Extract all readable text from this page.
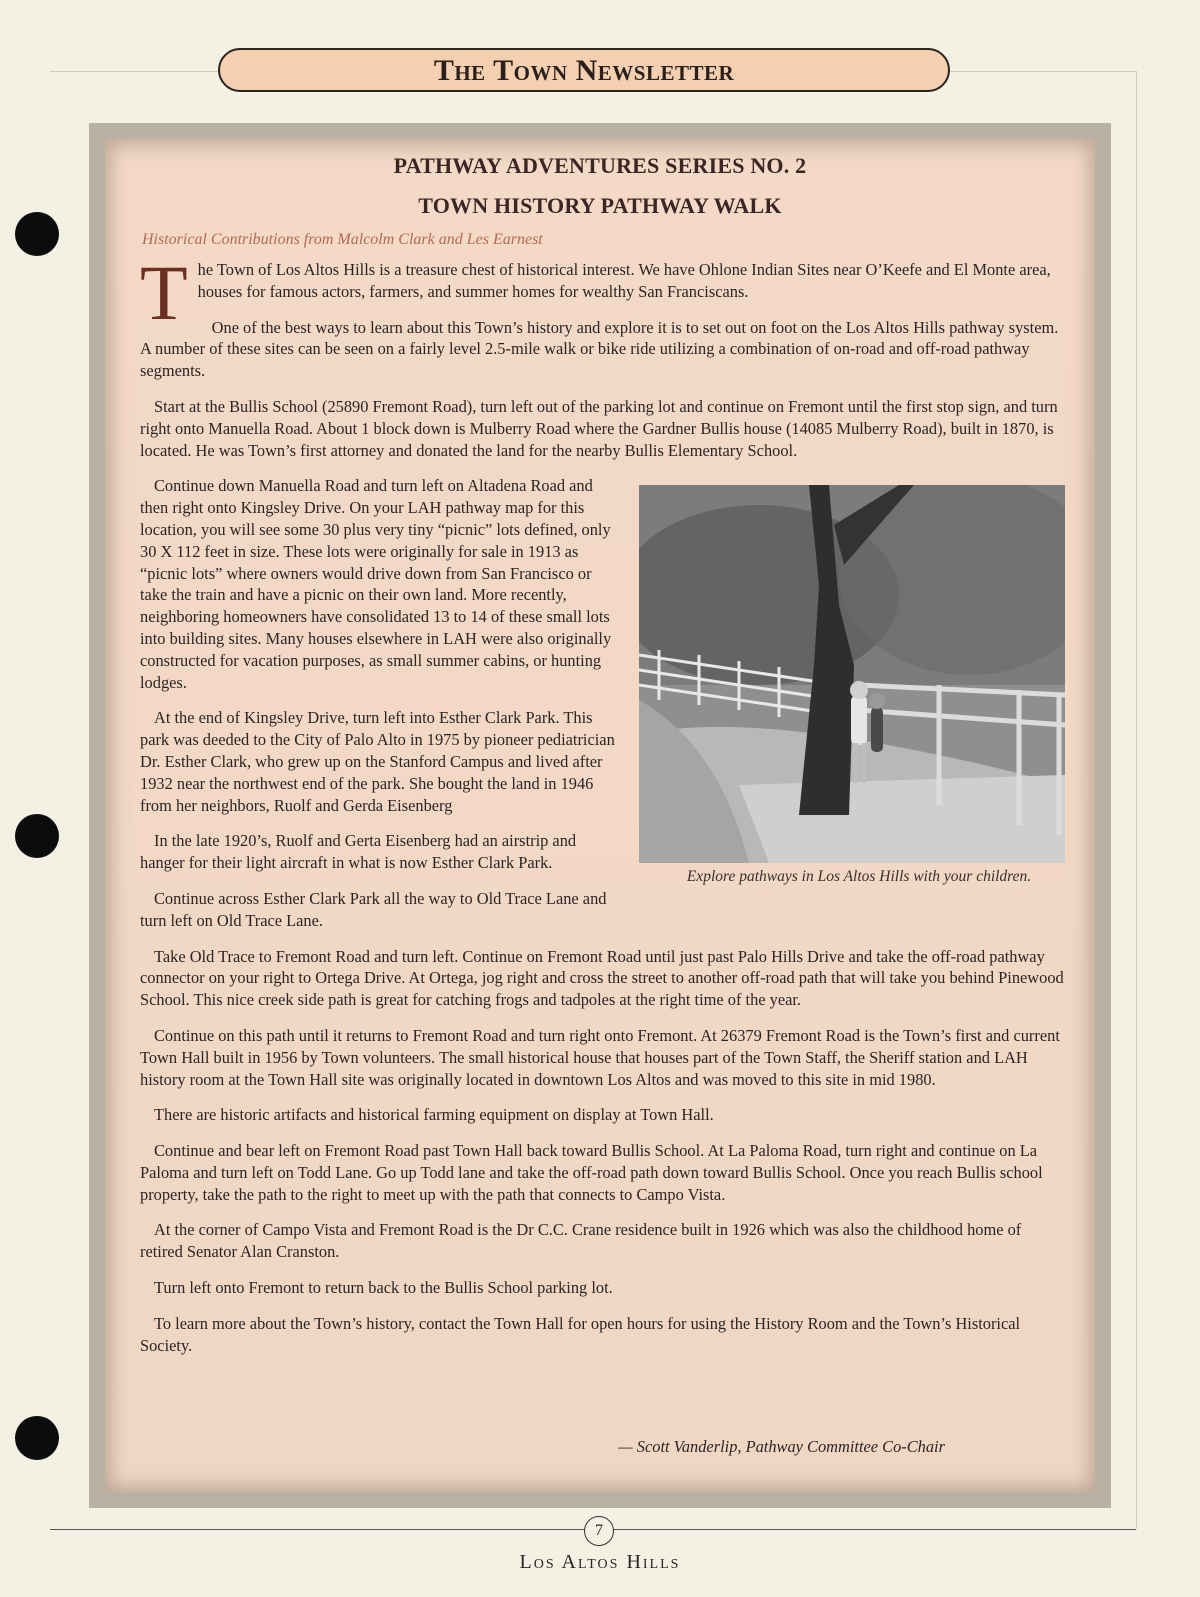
The Town Newsletter
PATHWAY ADVENTURES SERIES NO. 2
TOWN HISTORY PATHWAY WALK
Historical Contributions from Malcolm Clark and Les Earnest

The Town of Los Altos Hills is a treasure chest of historical interest. We have Ohlone Indian Sites near O’Keefe and El Monte area, houses for famous actors, farmers, and summer homes for wealthy San Franciscans.

One of the best ways to learn about this Town’s history and explore it is to set out on foot on the Los Altos Hills pathway system. A number of these sites can be seen on a fairly level 2.5-mile walk or bike ride utilizing a combination of on-road and off-road pathway segments.

Start at the Bullis School (25890 Fremont Road), turn left out of the parking lot and continue on Fremont until the first stop sign, and turn right onto Manuella Road. About 1 block down is Mulberry Road where the Gardner Bullis house (14085 Mulberry Road), built in 1870, is located. He was Town’s first attorney and donated the land for the nearby Bullis Elementary School.

Explore pathways in Los Altos Hills with your children.
Continue down Manuella Road and turn left on Altadena Road and then right onto Kingsley Drive. On your LAH pathway map for this location, you will see some 30 plus very tiny “picnic” lots defined, only 30 X 112 feet in size. These lots were originally for sale in 1913 as “picnic lots” where owners would drive down from San Francisco or take the train and have a picnic on their own land. More recently, neighboring homeowners have consolidated 13 to 14 of these small lots into building sites. Many houses elsewhere in LAH were also originally constructed for vacation purposes, as small summer cabins, or hunting lodges.

At the end of Kingsley Drive, turn left into Esther Clark Park. This park was deeded to the City of Palo Alto in 1975 by pioneer pediatrician Dr. Esther Clark, who grew up on the Stanford Campus and lived after 1932 near the northwest end of the park. She bought the land in 1946 from her neighbors, Ruolf and Gerda Eisenberg

In the late 1920’s, Ruolf and Gerta Eisenberg had an airstrip and hanger for their light aircraft in what is now Esther Clark Park.

Continue across Esther Clark Park all the way to Old Trace Lane and turn left on Old Trace Lane.

Take Old Trace to Fremont Road and turn left. Continue on Fremont Road until just past Palo Hills Drive and take the off-road pathway connector on your right to Ortega Drive. At Ortega, jog right and cross the street to another off-road path that will take you behind Pinewood School. This nice creek side path is great for catching frogs and tadpoles at the right time of the year.

Continue on this path until it returns to Fremont Road and turn right onto Fremont. At 26379 Fremont Road is the Town’s first and current Town Hall built in 1956 by Town volunteers. The small historical house that houses part of the Town Staff, the Sheriff station and LAH history room at the Town Hall site was originally located in downtown Los Altos and was moved to this site in mid 1980.

There are historic artifacts and historical farming equipment on display at Town Hall.

Continue and bear left on Fremont Road past Town Hall back toward Bullis School. At La Paloma Road, turn right and continue on La Paloma and turn left on Todd Lane. Go up Todd lane and take the off-road path down toward Bullis School. Once you reach Bullis school property, take the path to the right to meet up with the path that connects to Campo Vista.

At the corner of Campo Vista and Fremont Road is the Dr C.C. Crane residence built in 1926 which was also the childhood home of retired Senator Alan Cranston.

Turn left onto Fremont to return back to the Bullis School parking lot.

To learn more about the Town’s history, contact the Town Hall for open hours for using the History Room and the Town’s Historical Society.

— Scott Vanderlip, Pathway Committee Co-Chair
7
Los Altos Hills
